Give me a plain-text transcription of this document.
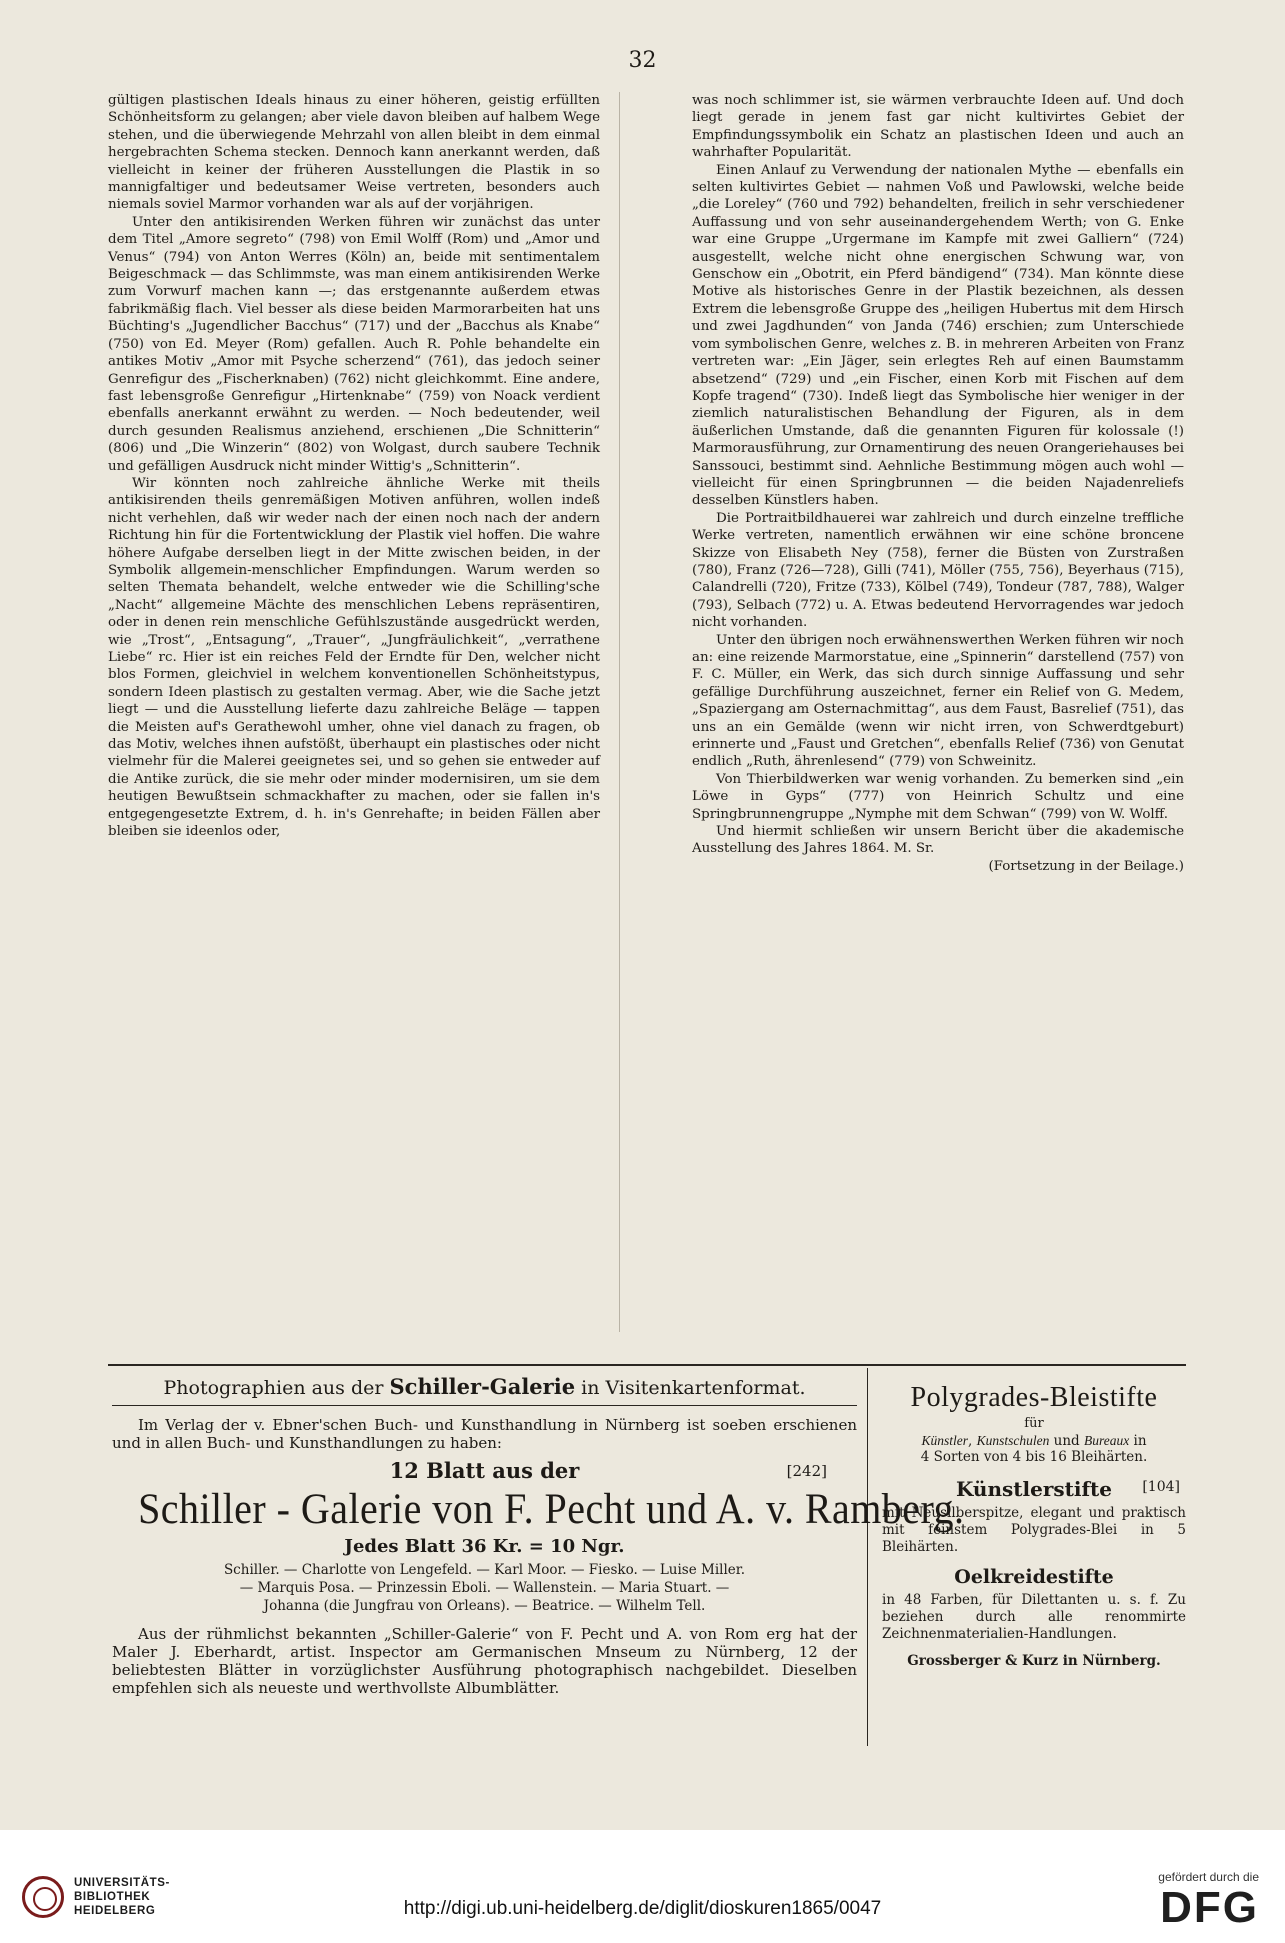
32

gültigen plastischen Ideals hinaus zu einer höheren, geistig erfüllten Schönheitsform zu gelangen; aber viele davon bleiben auf halbem Wege stehen, und die überwiegende Mehrzahl von allen bleibt in dem einmal hergebrachten Schema stecken. Dennoch kann anerkannt werden, daß vielleicht in keiner der früheren Ausstellungen die Plastik in so mannigfaltiger und bedeutsamer Weise vertreten, besonders auch niemals soviel Marmor vorhanden war als auf der vorjährigen.

Unter den antikisirenden Werken führen wir zunächst das unter dem Titel „Amore segreto“ (798) von Emil Wolff (Rom) und „Amor und Venus“ (794) von Anton Werres (Köln) an, beide mit sentimentalem Beigeschmack — das Schlimmste, was man einem antikisirenden Werke zum Vorwurf machen kann —; das erstgenannte außerdem etwas fabrikmäßig flach. Viel besser als diese beiden Marmorarbeiten hat uns Büchting's „Jugendlicher Bacchus“ (717) und der „Bacchus als Knabe“ (750) von Ed. Meyer (Rom) gefallen. Auch R. Pohle behandelte ein antikes Motiv „Amor mit Psyche scherzend“ (761), das jedoch seiner Genrefigur des „Fischerknaben) (762) nicht gleichkommt. Eine andere, fast lebensgroße Genrefigur „Hirtenknabe“ (759) von Noack verdient ebenfalls anerkannt erwähnt zu werden. — Noch bedeutender, weil durch gesunden Realismus anziehend, erschienen „Die Schnitterin“ (806) und „Die Winzerin“ (802) von Wolgast, durch saubere Technik und gefälligen Ausdruck nicht minder Wittig's „Schnitterin“.

Wir könnten noch zahlreiche ähnliche Werke mit theils antikisirenden theils genremäßigen Motiven anführen, wollen indeß nicht verhehlen, daß wir weder nach der einen noch nach der andern Richtung hin für die Fortentwicklung der Plastik viel hoffen. Die wahre höhere Aufgabe derselben liegt in der Mitte zwischen beiden, in der Symbolik allgemein-menschlicher Empfindungen. Warum werden so selten Themata behandelt, welche entweder wie die Schilling'sche „Nacht“ allgemeine Mächte des menschlichen Lebens repräsentiren, oder in denen rein menschliche Gefühlszustände ausgedrückt werden, wie „Trost“, „Entsagung“, „Trauer“, „Jungfräulichkeit“, „verrathene Liebe“ rc. Hier ist ein reiches Feld der Erndte für Den, welcher nicht blos Formen, gleichviel in welchem konventionellen Schönheitstypus, sondern Ideen plastisch zu gestalten vermag. Aber, wie die Sache jetzt liegt — und die Ausstellung lieferte dazu zahlreiche Beläge — tappen die Meisten auf's Gerathewohl umher, ohne viel danach zu fragen, ob das Motiv, welches ihnen aufstößt, überhaupt ein plastisches oder nicht vielmehr für die Malerei geeignetes sei, und so gehen sie entweder auf die Antike zurück, die sie mehr oder minder modernisiren, um sie dem heutigen Bewußtsein schmackhafter zu machen, oder sie fallen in's entgegengesetzte Extrem, d. h. in's Genrehafte; in beiden Fällen aber bleiben sie ideenlos oder,

was noch schlimmer ist, sie wärmen verbrauchte Ideen auf. Und doch liegt gerade in jenem fast gar nicht kultivirtes Gebiet der Empfindungssymbolik ein Schatz an plastischen Ideen und auch an wahrhafter Popularität.

Einen Anlauf zu Verwendung der nationalen Mythe — ebenfalls ein selten kultivirtes Gebiet — nahmen Voß und Pawlowski, welche beide „die Loreley“ (760 und 792) behandelten, freilich in sehr verschiedener Auffassung und von sehr auseinandergehendem Werth; von G. Enke war eine Gruppe „Urgermane im Kampfe mit zwei Galliern“ (724) ausgestellt, welche nicht ohne energischen Schwung war, von Genschow ein „Obotrit, ein Pferd bändigend“ (734). Man könnte diese Motive als historisches Genre in der Plastik bezeichnen, als dessen Extrem die lebensgroße Gruppe des „heiligen Hubertus mit dem Hirsch und zwei Jagdhunden“ von Janda (746) erschien; zum Unterschiede vom symbolischen Genre, welches z. B. in mehreren Arbeiten von Franz vertreten war: „Ein Jäger, sein erlegtes Reh auf einen Baumstamm absetzend“ (729) und „ein Fischer, einen Korb mit Fischen auf dem Kopfe tragend“ (730). Indeß liegt das Symbolische hier weniger in der ziemlich naturalistischen Behandlung der Figuren, als in dem äußerlichen Umstande, daß die genannten Figuren für kolossale (!) Marmorausführung, zur Ornamentirung des neuen Orangeriehauses bei Sanssouci, bestimmt sind. Aehnliche Bestimmung mögen auch wohl — vielleicht für einen Springbrunnen — die beiden Najadenreliefs desselben Künstlers haben.

Die Portraitbildhauerei war zahlreich und durch einzelne treffliche Werke vertreten, namentlich erwähnen wir eine schöne broncene Skizze von Elisabeth Ney (758), ferner die Büsten von Zurstraßen (780), Franz (726—728), Gilli (741), Möller (755, 756), Beyerhaus (715), Calandrelli (720), Fritze (733), Kölbel (749), Tondeur (787, 788), Walger (793), Selbach (772) u. A. Etwas bedeutend Hervorragendes war jedoch nicht vorhanden.

Unter den übrigen noch erwähnenswerthen Werken führen wir noch an: eine reizende Marmorstatue, eine „Spinnerin“ darstellend (757) von F. C. Müller, ein Werk, das sich durch sinnige Auffassung und sehr gefällige Durchführung auszeichnet, ferner ein Relief von G. Medem, „Spaziergang am Osternachmittag“, aus dem Faust, Basrelief (751), das uns an ein Gemälde (wenn wir nicht irren, von Schwerdtgeburt) erinnerte und „Faust und Gretchen“, ebenfalls Relief (736) von Genutat endlich „Ruth, ährenlesend“ (779) von Schweinitz.

Von Thierbildwerken war wenig vorhanden. Zu bemerken sind „ein Löwe in Gyps“ (777) von Heinrich Schultz und eine Springbrunnengruppe „Nymphe mit dem Schwan“ (799) von W. Wolff.

Und hiermit schließen wir unsern Bericht über die akademische Ausstellung des Jahres 1864. M. Sr.

(Fortsetzung in der Beilage.)

Photographien aus der Schiller-Galerie in Visitenkartenformat.

Im Verlag der v. Ebner'schen Buch- und Kunsthandlung in Nürnberg ist soeben erschienen und in allen Buch- und Kunsthandlungen zu haben:

12 Blatt aus der	[242]
Schiller - Galerie von F. Pecht und A. v. Ramberg.
Jedes Blatt 36 Kr. = 10 Ngr.
Schiller. — Charlotte von Lengefeld. — Karl Moor. — Fiesko. — Luise Miller.
— Marquis Posa. — Prinzessin Eboli. — Wallenstein. — Maria Stuart. —
Johanna (die Jungfrau von Orleans). — Beatrice. — Wilhelm Tell.

Aus der rühmlichst bekannten „Schiller-Galerie“ von F. Pecht und A. von Rom erg hat der Maler J. Eberhardt, artist. Inspector am Germanischen Mnseum zu Nürnberg, 12 der beliebtesten Blätter in vorzüglichster Ausführung photographisch nachgebildet. Dieselben empfehlen sich als neueste und werthvollste Albumblätter.

Polygrades-Bleistifte
für
Künstler, Kunstschulen und Bureaux in
4 Sorten von 4 bis 16 Bleihärten.
Künstlerstifte [104]

mit Neusilberspitze, elegant und praktisch mit feinstem Polygrades-Blei in 5 Bleihärten.

Oelkreidestifte

in 48 Farben, für Dilettanten u. s. f. Zu beziehen durch alle renommirte Zeichnenmaterialien-Handlungen.

Grossberger & Kurz in Nürnberg.
UNIVERSITÄTS-
BIBLIOTHEK
HEIDELBERG	http://digi.ub.uni-heidelberg.de/diglit/dioskuren1865/0047
gefördert durch die
DFG
